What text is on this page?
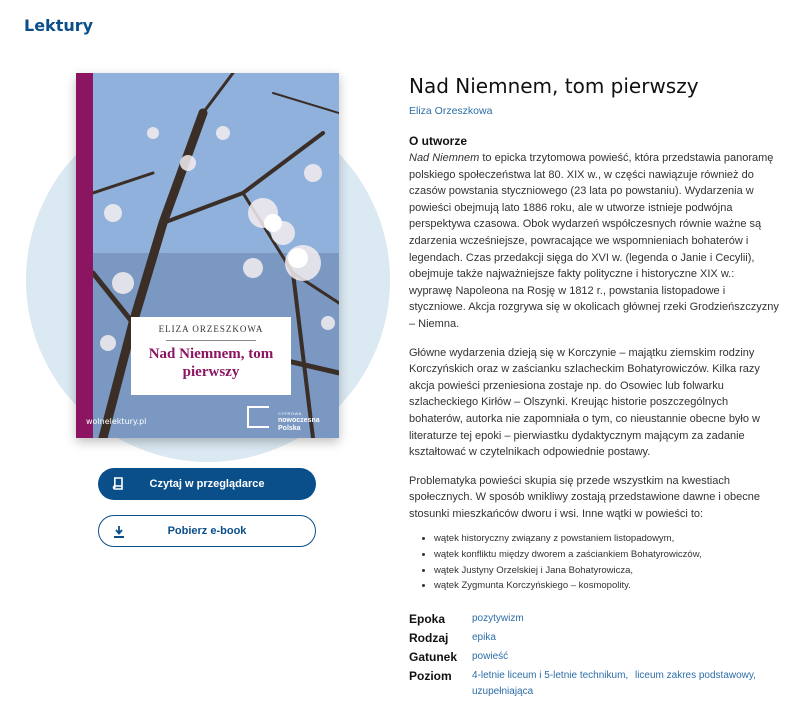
Lektury
ELIZA ORZESZKOWA
Nad Niemnem, tom pierwszy
CYFROWA
nowoczesna Polska
wolnelektury.pl
Czytaj w przeglądarce
Pobierz e-book
Nad Niemnem, tom pierwszy
Eliza Orzeszkowa
O utworze

Nad Niemnem to epicka trzytomowa powieść, która przedstawia panoramę polskiego społeczeństwa lat 80. XIX w., w części nawiązuje również do czasów powstania styczniowego (23 lata po powstaniu). Wydarzenia w powieści obejmują lato 1886 roku, ale w utworze istnieje podwójna perspektywa czasowa. Obok wydarzeń współczesnych równie ważne są zdarzenia wcześniejsze, powracające we wspomnieniach bohaterów i legendach. Czas przedakcji sięga do XVI w. (legenda o Janie i Cecylii), obejmuje także najważniejsze fakty polityczne i historyczne XIX w.: wyprawę Napoleona na Rosję w 1812 r., powstania listopadowe i styczniowe. Akcja rozgrywa się w okolicach głównej rzeki Grodzieńszczyzny – Niemna.

Główne wydarzenia dzieją się w Korczynie – majątku ziemskim rodziny Korczyńskich oraz w zaścianku szlacheckim Bohatyrowiczów. Kilka razy akcja powieści przeniesiona zostaje np. do Osowiec lub folwarku szlacheckiego Kirłów – Olszynki. Kreując historie poszczególnych bohaterów, autorka nie zapomniała o tym, co nieustannie obecne było w literaturze tej epoki – pierwiastku dydaktycznym mającym za zadanie kształtować w czytelnikach odpowiednie postawy.

Problematyka powieści skupia się przede wszystkim na kwestiach społecznych. W sposób wnikliwy zostają przedstawione dawne i obecne stosunki mieszkańców dworu i wsi. Inne wątki w powieści to:

• wątek historyczny związany z powstaniem listopadowym,
• wątek konfliktu między dworem a zaściankiem Bohatyrowiczów,
• wątek Justyny Orzelskiej i Jana Bohatyrowicza,
• wątek Zygmunta Korczyńskiego – kosmopolity.
Epoka	pozytywizm
Rodzaj	epika
Gatunek	powieść
Poziom	4-letnie liceum i 5-letnie technikum, liceum zakres podstawowy, uzupełniająca
